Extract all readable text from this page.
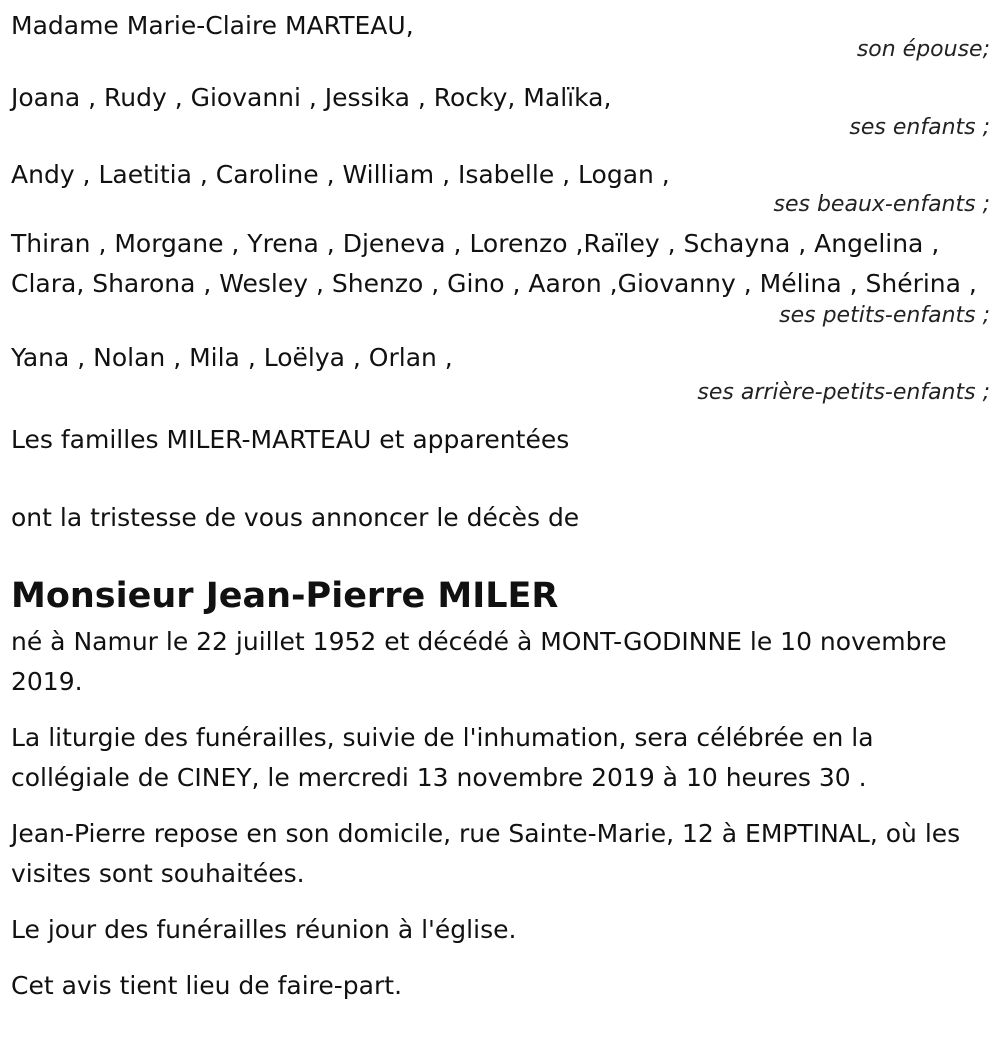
Madame Marie-Claire MARTEAU,

son épouse;

Joana , Rudy , Giovanni , Jessika , Rocky, Malïka,

ses enfants ;

Andy , Laetitia , Caroline , William , Isabelle , Logan ,

ses beaux-enfants ;

Thiran , Morgane , Yrena , Djeneva , Lorenzo ,Raïley , Schayna , Angelina , Clara, Sharona , Wesley , Shenzo , Gino , Aaron ,Giovanny , Mélina , Shérina ,

ses petits-enfants ;

Yana , Nolan , Mila , Loëlya , Orlan ,

ses arrière-petits-enfants ;

Les familles MILER-MARTEAU et apparentées

ont la tristesse de vous annoncer le décès de

Monsieur Jean-Pierre MILER

né à Namur le 22 juillet 1952 et décédé à MONT-GODINNE le 10 novembre 2019.

La liturgie des funérailles, suivie de l'inhumation, sera célébrée en la collégiale de CINEY, le mercredi 13 novembre 2019 à 10 heures 30 .

Jean-Pierre repose en son domicile, rue Sainte-Marie, 12 à EMPTINAL, où les visites sont souhaitées.

Le jour des funérailles réunion à l'église.

Cet avis tient lieu de faire-part.
